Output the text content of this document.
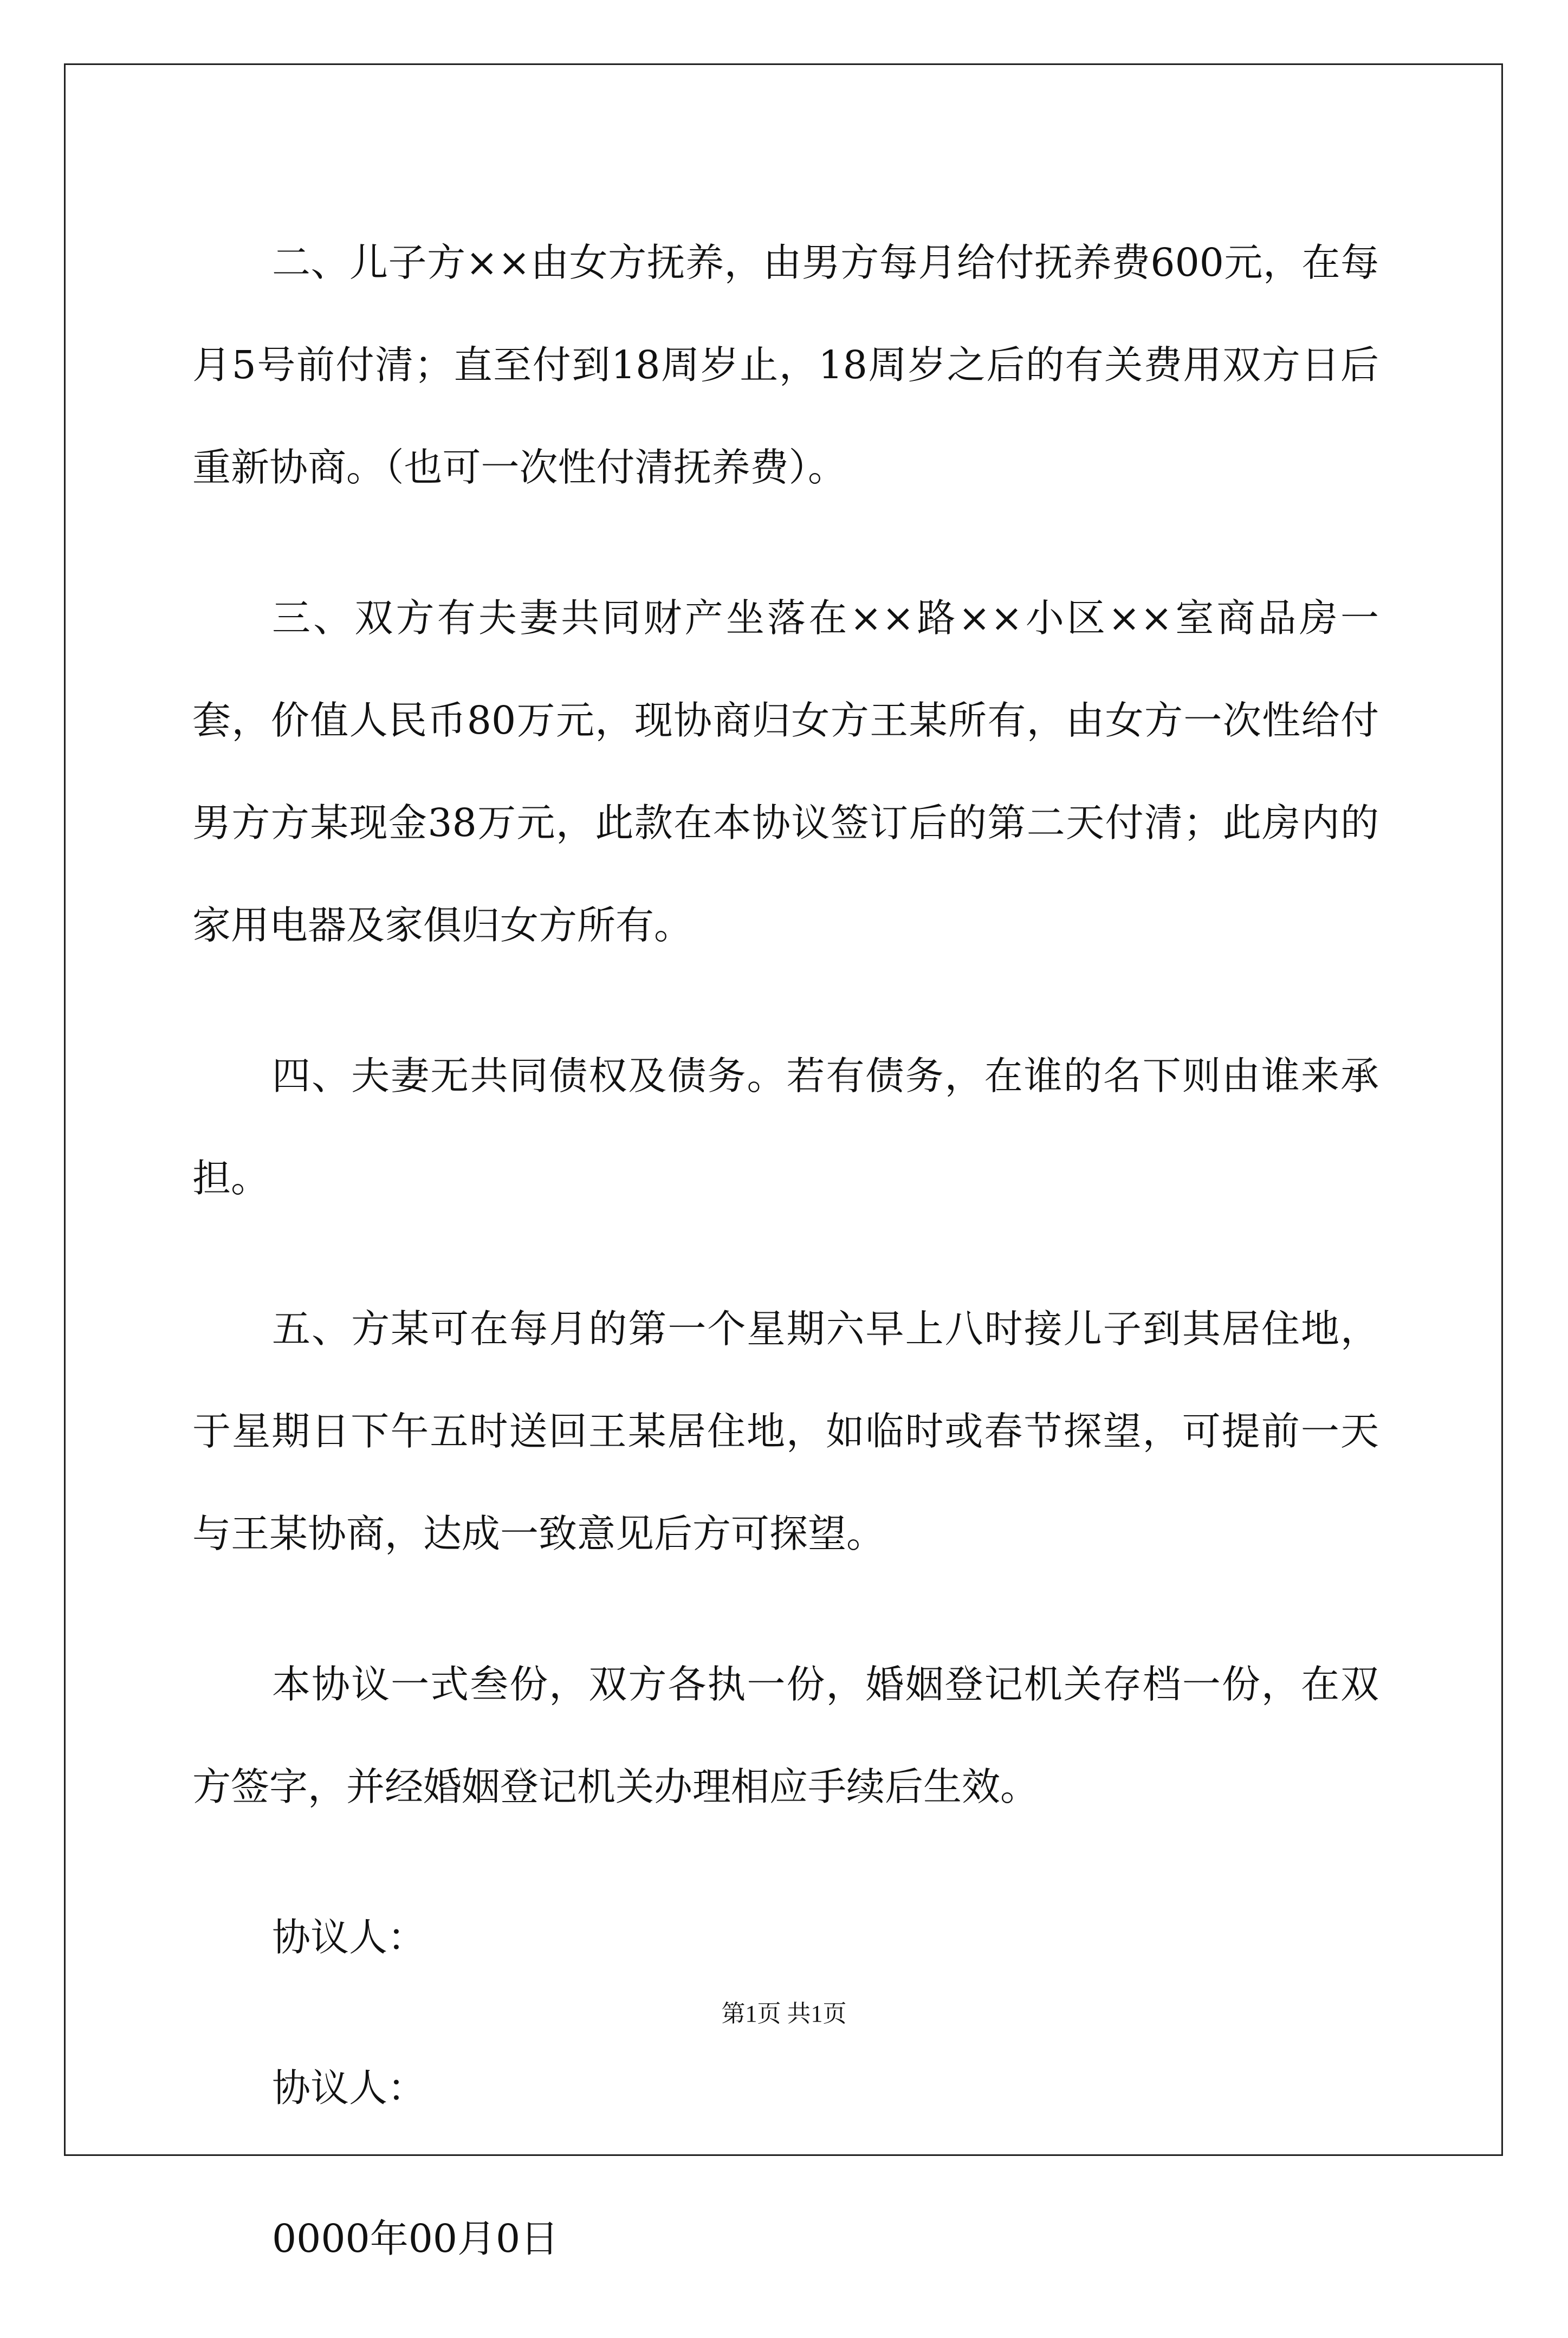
二、儿子方××由女方抚养，由男方每月给付抚养费600元，在每月5号前付清；直至付到18周岁止，18周岁之后的有关费用双方日后重新协商。（也可一次性付清抚养费）。

三、双方有夫妻共同财产坐落在××路××小区××室商品房一套，价值人民币80万元，现协商归女方王某所有，由女方一次性给付男方方某现金38万元，此款在本协议签订后的第二天付清；此房内的家用电器及家俱归女方所有。

四、夫妻无共同债权及债务。若有债务，在谁的名下则由谁来承担。

五、方某可在每月的第一个星期六早上八时接儿子到其居住地，于星期日下午五时送回王某居住地，如临时或春节探望，可提前一天与王某协商，达成一致意见后方可探望。

本协议一式叁份，双方各执一份，婚姻登记机关存档一份，在双方签字，并经婚姻登记机关办理相应手续后生效。

协议人：

协议人：

0000年00月0日

第1页 共1页
